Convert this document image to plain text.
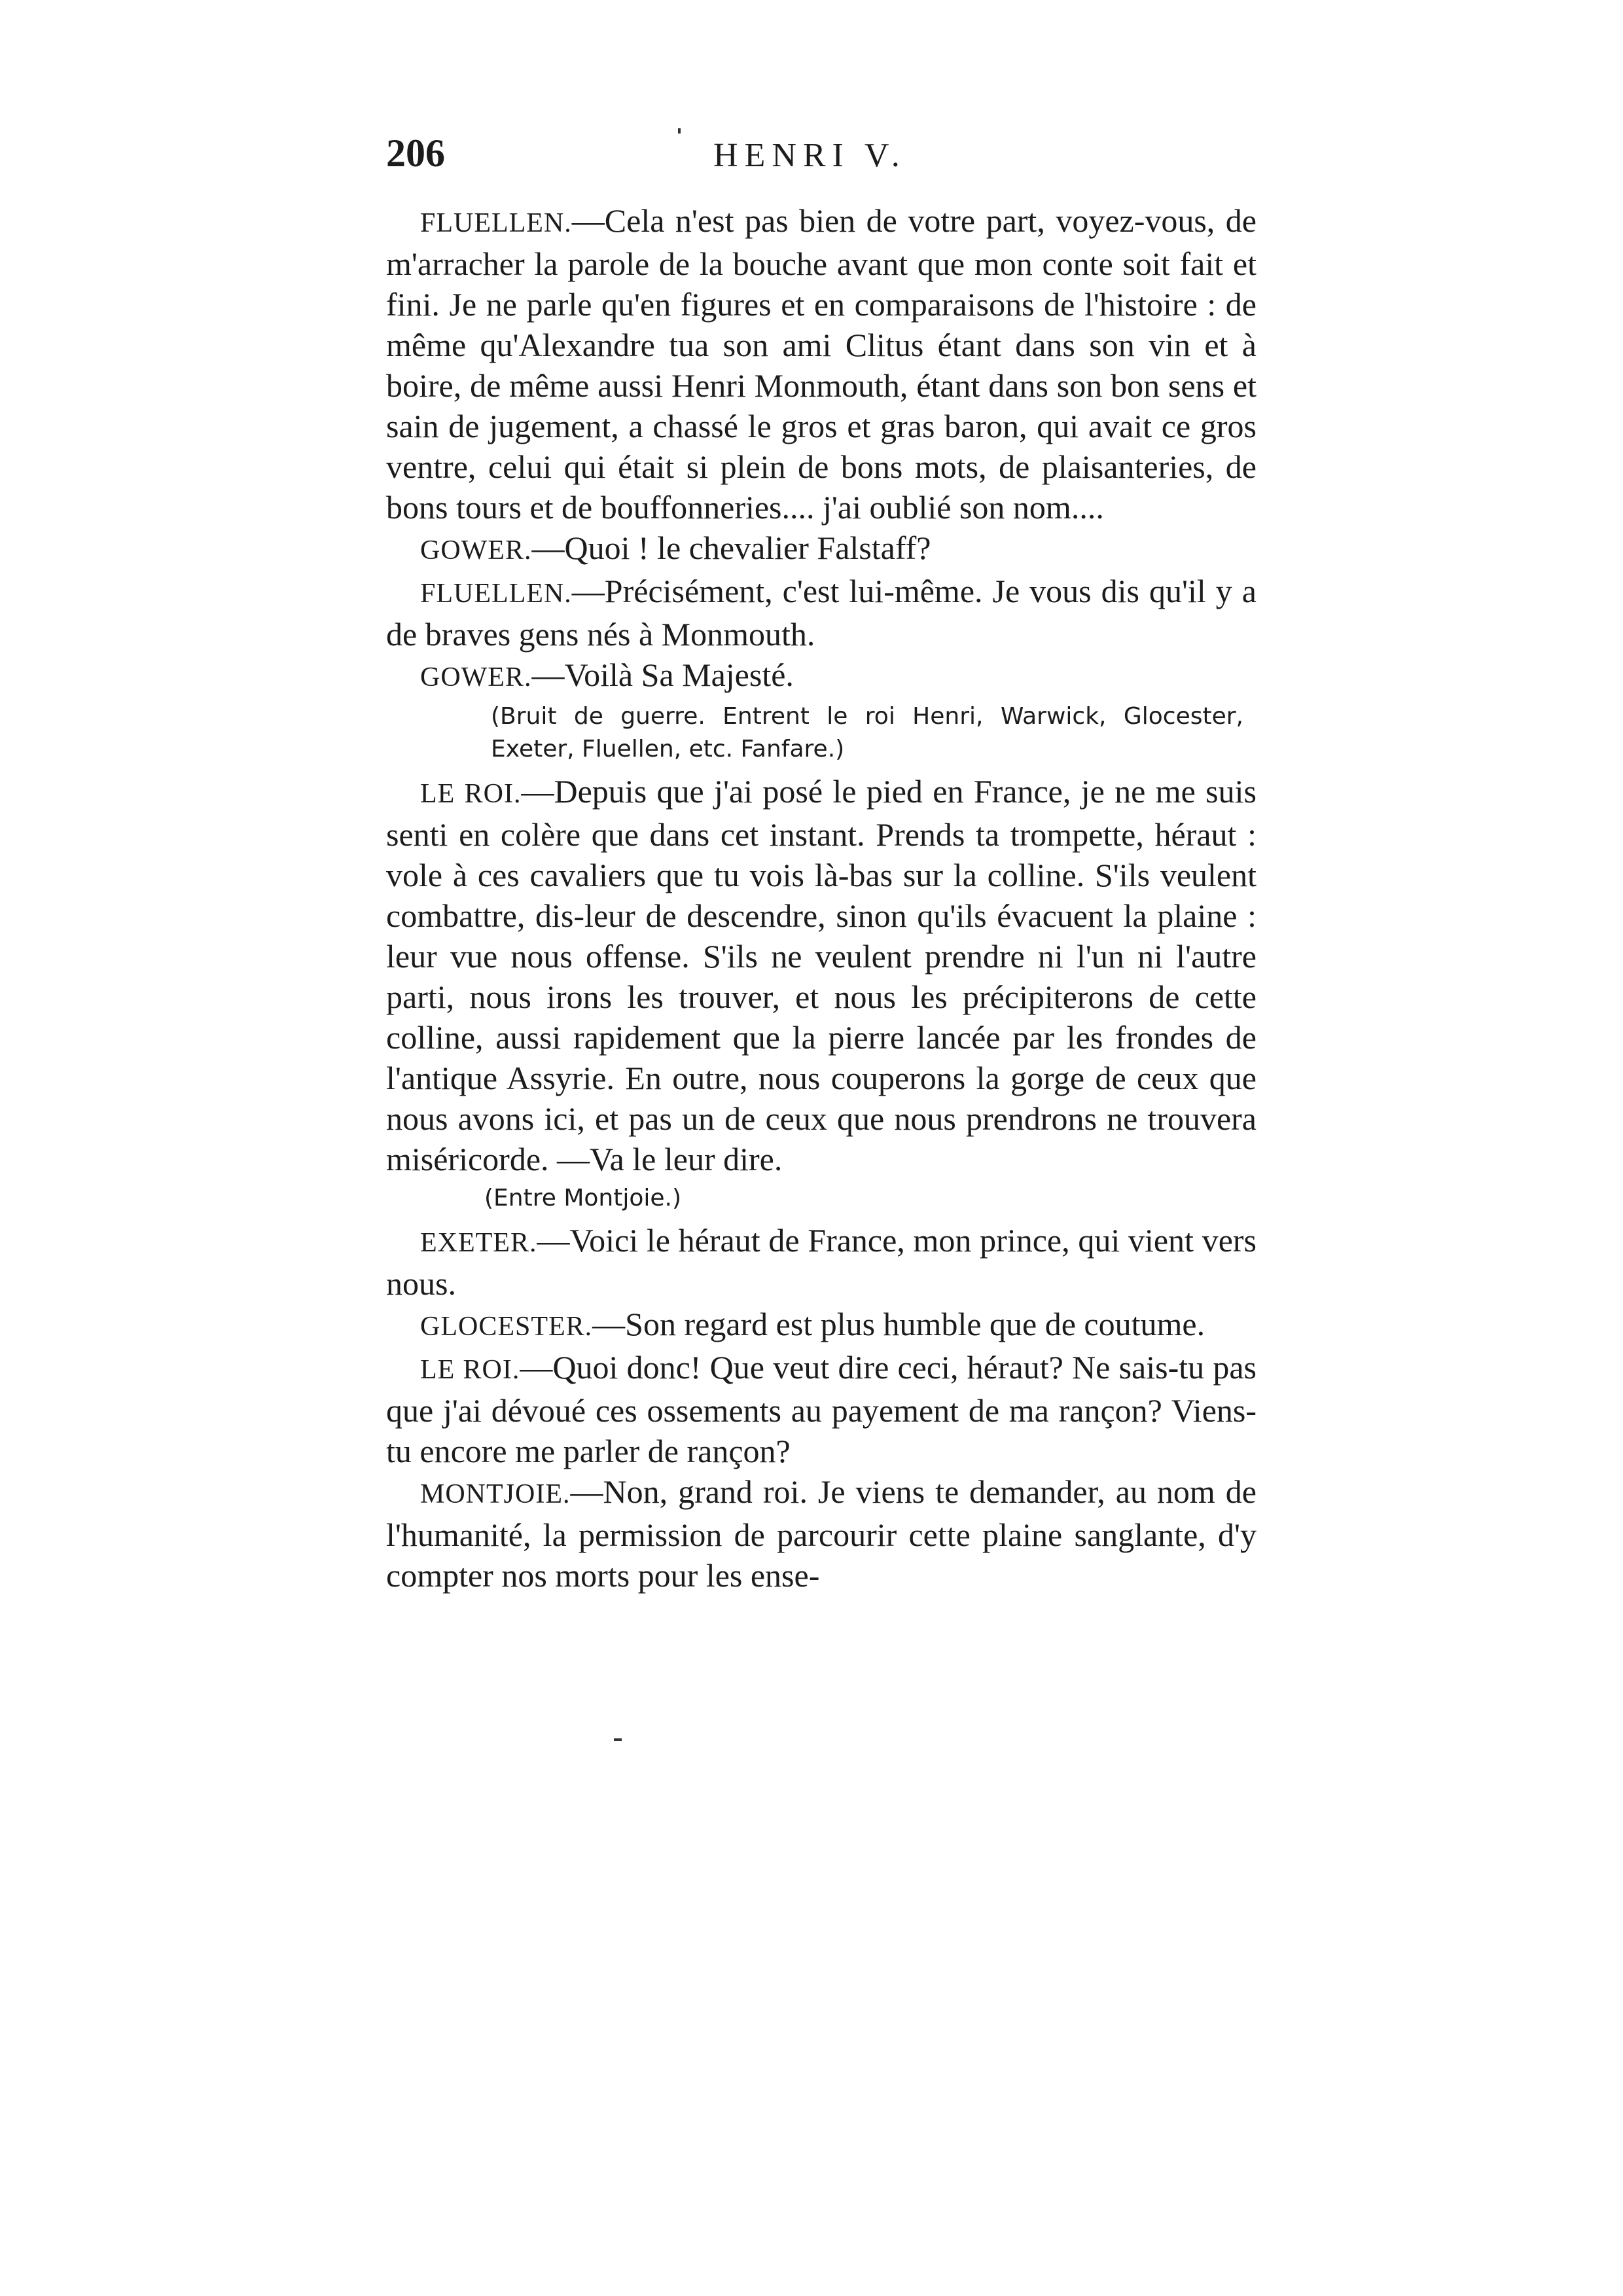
206	HENRI V.

FLUELLEN.—Cela n'est pas bien de votre part, voyez-vous, de m'arracher la parole de la bouche avant que mon conte soit fait et fini. Je ne parle qu'en figures et en comparaisons de l'histoire : de même qu'Alexandre tua son ami Clitus étant dans son vin et à boire, de même aussi Henri Monmouth, étant dans son bon sens et sain de jugement, a chassé le gros et gras baron, qui avait ce gros ventre, celui qui était si plein de bons mots, de plaisanteries, de bons tours et de bouffonneries.... j'ai oublié son nom....

GOWER.—Quoi ! le chevalier Falstaff?

FLUELLEN.—Précisément, c'est lui-même. Je vous dis qu'il y a de braves gens nés à Monmouth.

GOWER.—Voilà Sa Majesté.

(Bruit de guerre. Entrent le roi Henri, Warwick, Glocester, Exeter, Fluellen, etc. Fanfare.)

LE ROI.—Depuis que j'ai posé le pied en France, je ne me suis senti en colère que dans cet instant. Prends ta trompette, héraut : vole à ces cavaliers que tu vois là-bas sur la colline. S'ils veulent combattre, dis-leur de descendre, sinon qu'ils évacuent la plaine : leur vue nous offense. S'ils ne veulent prendre ni l'un ni l'autre parti, nous irons les trouver, et nous les précipiterons de cette colline, aussi rapidement que la pierre lancée par les frondes de l'antique Assyrie. En outre, nous couperons la gorge de ceux que nous avons ici, et pas un de ceux que nous prendrons ne trouvera miséricorde. —Va le leur dire.

(Entre Montjoie.)

EXETER.—Voici le héraut de France, mon prince, qui vient vers nous.

GLOCESTER.—Son regard est plus humble que de coutume.

LE ROI.—Quoi donc! Que veut dire ceci, héraut? Ne sais-tu pas que j'ai dévoué ces ossements au payement de ma rançon? Viens-tu encore me parler de rançon?

MONTJOIE.—Non, grand roi. Je viens te demander, au nom de l'humanité, la permission de parcourir cette plaine sanglante, d'y compter nos morts pour les ense-
